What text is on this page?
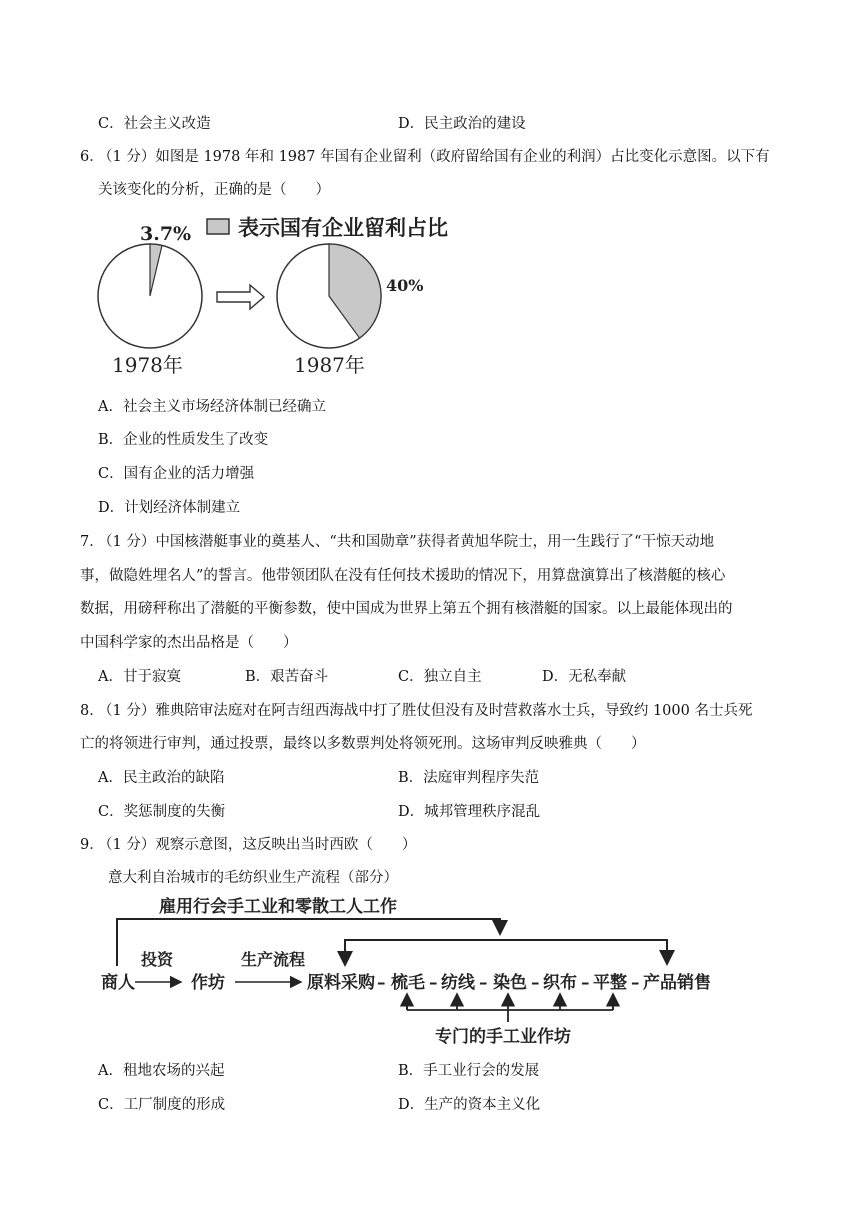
C．社会主义改造	D．民主政治的建设
6．
（1 分）如图是 1978 年和 1987 年国有企业留利（政府留给国有企业的利润）占比变化示意图。以下有
关该变化的分析，正确的是（　　）
表示国有企业留利占比
3.7%
1978年
40%
1987年
A．社会主义市场经济体制已经确立
B．企业的性质发生了改变
C．国有企业的活力增强
D．计划经济体制建立
7．
（1 分）中国核潜艇事业的奠基人、“共和国勋章”获得者黄旭华院士，用一生践行了“干惊天动地
事，做隐姓埋名人”的誓言。他带领团队在没有任何技术援助的情况下，用算盘演算出了核潜艇的核心
数据，用磅秤称出了潜艇的平衡参数，使中国成为世界上第五个拥有核潜艇的国家。以上最能体现出的
中国科学家的杰出品格是（　　）
A．甘于寂寞	B．艰苦奋斗	C．独立自主	D．无私奉献
8．
（1 分）雅典陪审法庭对在阿吉纽西海战中打了胜仗但没有及时营救落水士兵，导致约 1000 名士兵死
亡的将领进行审判，通过投票，最终以多数票判处将领死刑。这场审判反映雅典（　　）
A．民主政治的缺陷	B．法庭审判程序失范
C．奖惩制度的失衡	D．城邦管理秩序混乱
9．
（1 分）观察示意图，这反映出当时西欧（　　）
意大利自治城市的毛纺织业生产流程（部分）
雇用行会手工业和零散工人工作
商人
投资
作坊
生产流程
原料采购 – 梳毛 – 纺线 – 染色 – 织布 – 平整 – 产品销售
专门的手工业作坊
A．租地农场的兴起	B．手工业行会的发展
C．工厂制度的形成	D．生产的资本主义化
